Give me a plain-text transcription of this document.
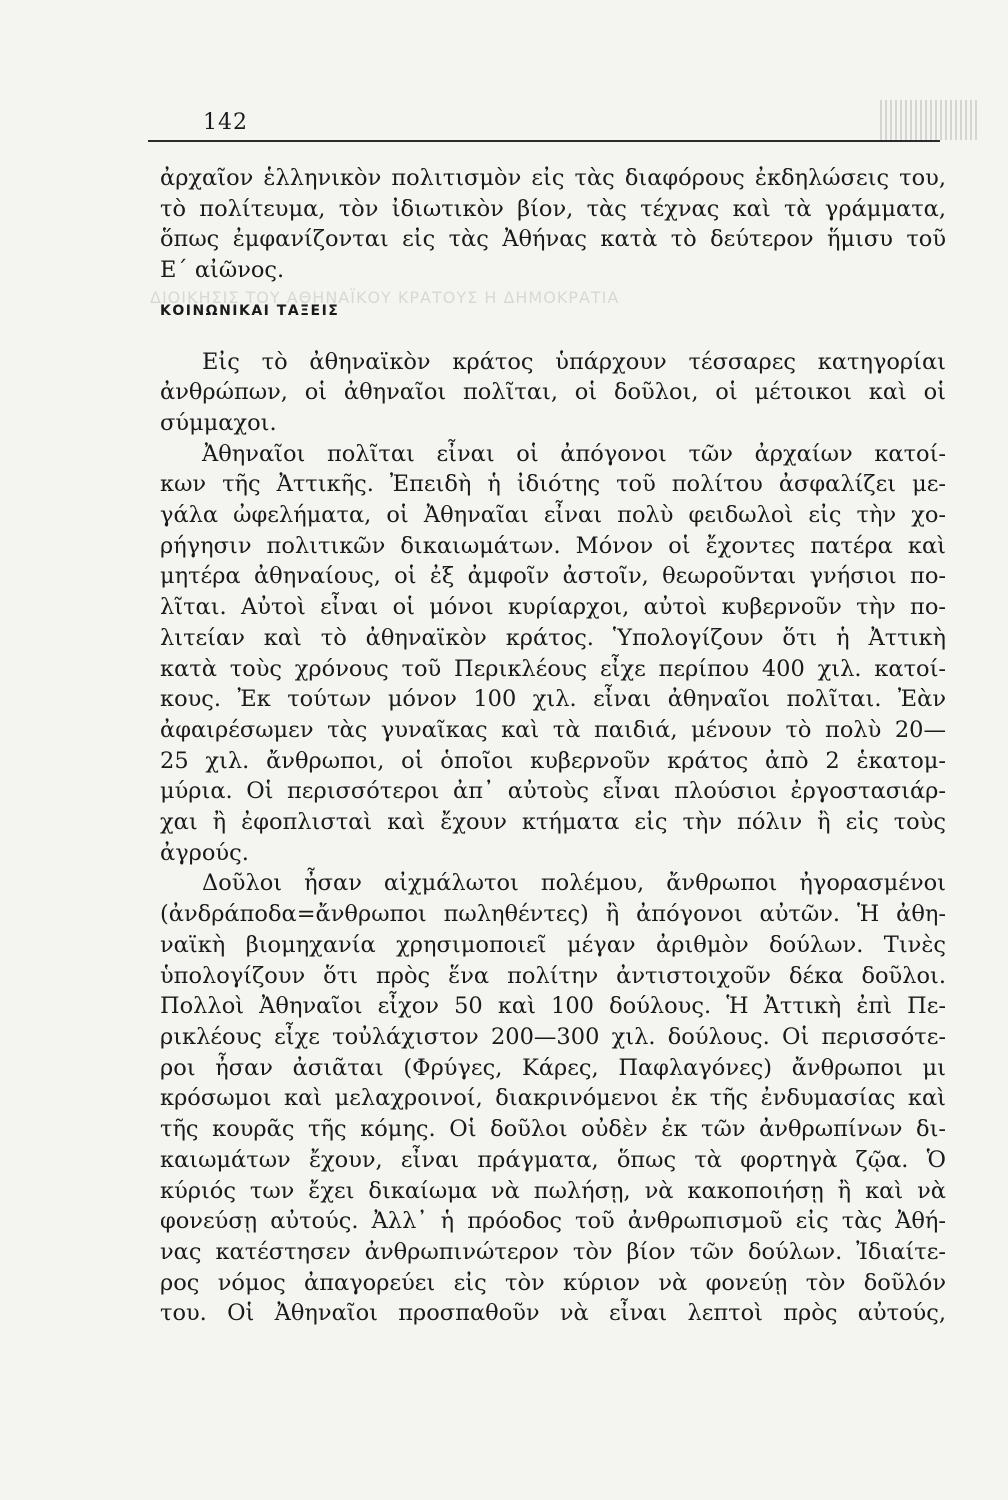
ΔΙΟΙΚΗΣΙΣ ΤΟΥ ΑΘΗΝΑΪΚΟΥ ΚΡΑΤΟΥΣ Η ΔΗΜΟΚΡΑΤΙΑ
142

ἀρχαῖον ἑλληνικὸν πολιτισμὸν εἰς τὰς διαφόρους ἐκδηλώσεις του,

τὸ πολίτευμα, τὸν ἰδιωτικὸν βίον, τὰς τέχνας καὶ τὰ γράμματα,

ὅπως ἐμφανίζονται εἰς τὰς Ἀθήνας κατὰ τὸ δεύτερον ἥμισυ τοῦ

Ε΄ αἰῶνος.

ΚΟΙΝΩΝΙΚΑΙ ΤΑΞΕΙΣ

Εἰς τὸ ἀθηναϊκὸν κράτος ὑπάρχουν τέσσαρες κατηγορίαι

ἀνθρώπων, οἱ ἀθηναῖοι πολῖται, οἱ δοῦλοι, οἱ μέτοικοι καὶ οἱ

σύμμαχοι.

Ἀθηναῖοι πολῖται εἶναι οἱ ἀπόγονοι τῶν ἀρχαίων κατοί-

κων τῆς Ἀττικῆς. Ἐπειδὴ ἡ ἰδιότης τοῦ πολίτου ἀσφαλίζει με-

γάλα ὠφελήματα, οἱ Ἀθηναῖαι εἶναι πολὺ φειδωλοὶ εἰς τὴν χο-

ρήγησιν πολιτικῶν δικαιωμάτων. Μόνον οἱ ἔχοντες πατέρα καὶ

μητέρα ἀθηναίους, οἱ ἐξ ἀμφοῖν ἀστοῖν, θεωροῦνται γνήσιοι πο-

λῖται. Αὐτοὶ εἶναι οἱ μόνοι κυρίαρχοι, αὐτοὶ κυβερνοῦν τὴν πο-

λιτείαν καὶ τὸ ἀθηναϊκὸν κράτος. Ὑπολογίζουν ὅτι ἡ Ἀττικὴ

κατὰ τοὺς χρόνους τοῦ Περικλέους εἶχε περίπου 400 χιλ. κατοί-

κους. Ἐκ τούτων μόνον 100 χιλ. εἶναι ἀθηναῖοι πολῖται. Ἐὰν

ἀφαιρέσωμεν τὰς γυναῖκας καὶ τὰ παιδιά, μένουν τὸ πολὺ 20—

25 χιλ. ἄνθρωποι, οἱ ὁποῖοι κυβερνοῦν κράτος ἀπὸ 2 ἑκατομ-

μύρια. Οἱ περισσότεροι ἀπ᾿ αὐτοὺς εἶναι πλούσιοι ἐργοστασιάρ-

χαι ἢ ἐφοπλισταὶ καὶ ἔχουν κτήματα εἰς τὴν πόλιν ἢ εἰς τοὺς

ἀγρούς.

Δοῦλοι ἦσαν αἰχμάλωτοι πολέμου, ἄνθρωποι ἠγορασμένοι

(ἀνδράποδα=ἄνθρωποι πωληθέντες) ἢ ἀπόγονοι αὐτῶν. Ἡ ἀθη-

ναϊκὴ βιομηχανία χρησιμοποιεῖ μέγαν ἀριθμὸν δούλων. Τινὲς

ὑπολογίζουν ὅτι πρὸς ἕνα πολίτην ἀντιστοιχοῦν δέκα δοῦλοι.

Πολλοὶ Ἀθηναῖοι εἶχον 50 καὶ 100 δούλους. Ἡ Ἀττικὴ ἐπὶ Πε-

ρικλέους εἶχε τοὐλάχιστον 200—300 χιλ. δούλους. Οἱ περισσότε-

ροι ἦσαν ἀσιᾶται (Φρύγες, Κάρες, Παφλαγόνες) ἄνθρωποι μι

κρόσωμοι καὶ μελαχροινοί, διακρινόμενοι ἐκ τῆς ἐνδυμασίας καὶ

τῆς κουρᾶς τῆς κόμης. Οἱ δοῦλοι οὐδὲν ἐκ τῶν ἀνθρωπίνων δι-

καιωμάτων ἔχουν, εἶναι πράγματα, ὅπως τὰ φορτηγὰ ζῷα. Ὁ

κύριός των ἔχει δικαίωμα νὰ πωλήσῃ, νὰ κακοποιήσῃ ἢ καὶ νὰ

φονεύσῃ αὐτούς. Ἀλλ᾿ ἡ πρόοδος τοῦ ἀνθρωπισμοῦ εἰς τὰς Ἀθή-

νας κατέστησεν ἀνθρωπινώτερον τὸν βίον τῶν δούλων. Ἰδιαίτε-

ρος νόμος ἀπαγορεύει εἰς τὸν κύριον νὰ φονεύῃ τὸν δοῦλόν

του. Οἱ Ἀθηναῖοι προσπαθοῦν νὰ εἶναι λεπτοὶ πρὸς αὐτούς,
